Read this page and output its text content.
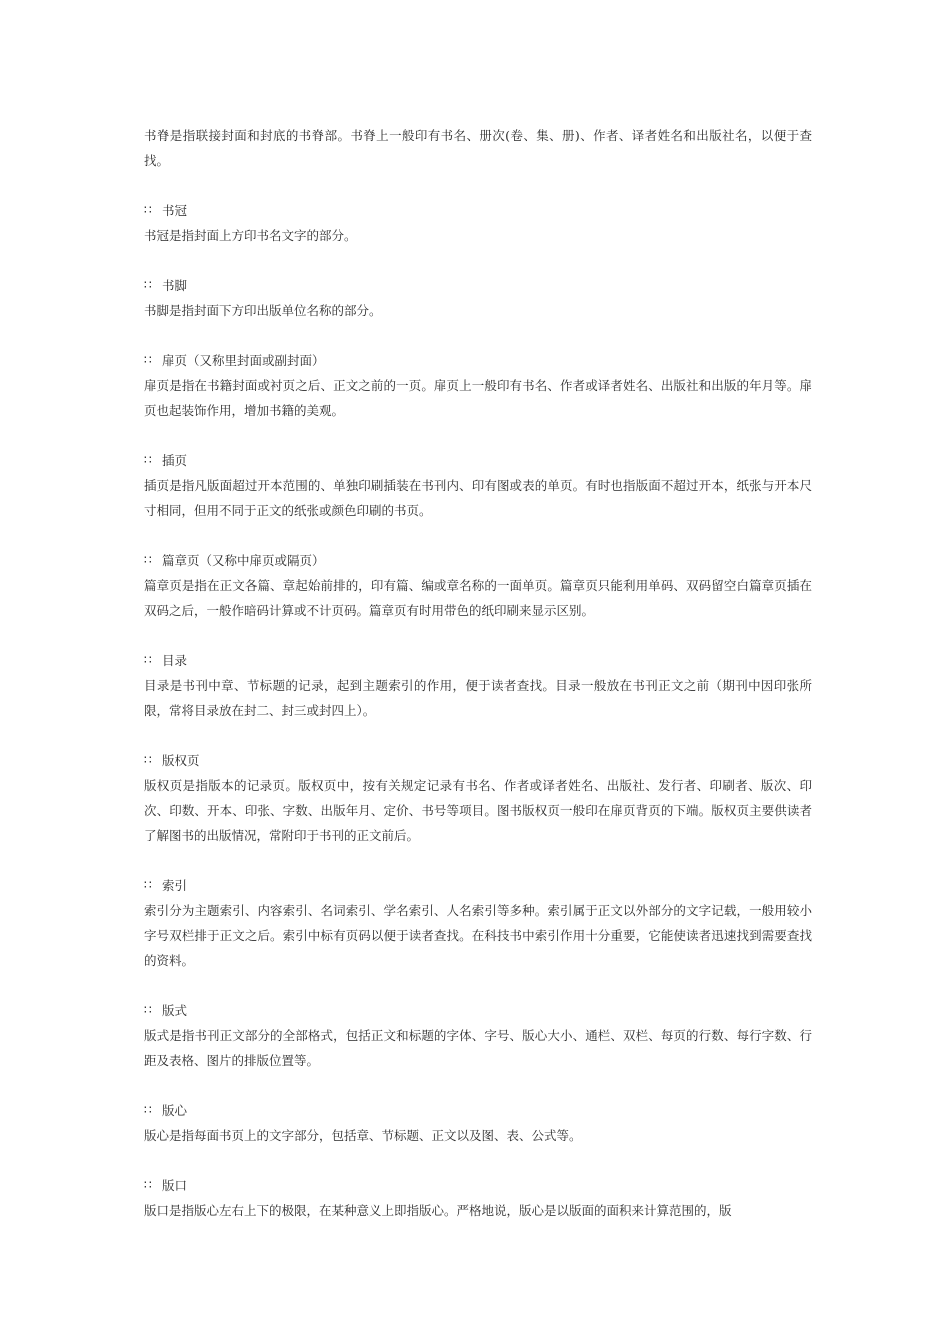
书脊是指联接封面和封底的书脊部。书脊上一般印有书名、册次(卷、集、册)、作者、译者姓名和出版社名，以便于查找。

∷ 书冠

书冠是指封面上方印书名文字的部分。

∷ 书脚

书脚是指封面下方印出版单位名称的部分。

∷ 扉页（又称里封面或副封面）

扉页是指在书籍封面或衬页之后、正文之前的一页。扉页上一般印有书名、作者或译者姓名、出版社和出版的年月等。扉页也起装饰作用，增加书籍的美观。

∷ 插页

插页是指凡版面超过开本范围的、单独印刷插装在书刊内、印有图或表的单页。有时也指版面不超过开本，纸张与开本尺寸相同，但用不同于正文的纸张或颜色印刷的书页。

∷ 篇章页（又称中扉页或隔页）

篇章页是指在正文各篇、章起始前排的，印有篇、编或章名称的一面单页。篇章页只能利用单码、双码留空白篇章页插在双码之后，一般作暗码计算或不计页码。篇章页有时用带色的纸印刷来显示区别。

∷ 目录

目录是书刊中章、节标题的记录，起到主题索引的作用，便于读者查找。目录一般放在书刊正文之前（期刊中因印张所限，常将目录放在封二、封三或封四上）。

∷ 版权页

版权页是指版本的记录页。版权页中，按有关规定记录有书名、作者或译者姓名、出版社、发行者、印刷者、版次、印次、印数、开本、印张、字数、出版年月、定价、书号等项目。图书版权页一般印在扉页背页的下端。版权页主要供读者了解图书的出版情况，常附印于书刊的正文前后。

∷ 索引

索引分为主题索引、内容索引、名词索引、学名索引、人名索引等多种。索引属于正文以外部分的文字记载，一般用较小字号双栏排于正文之后。索引中标有页码以便于读者查找。在科技书中索引作用十分重要，它能使读者迅速找到需要查找的资料。

∷ 版式

版式是指书刊正文部分的全部格式，包括正文和标题的字体、字号、版心大小、通栏、双栏、每页的行数、每行字数、行距及表格、图片的排版位置等。

∷ 版心

版心是指每面书页上的文字部分，包括章、节标题、正文以及图、表、公式等。

∷ 版口

版口是指版心左右上下的极限，在某种意义上即指版心。严格地说，版心是以版面的面积来计算范围的，版
